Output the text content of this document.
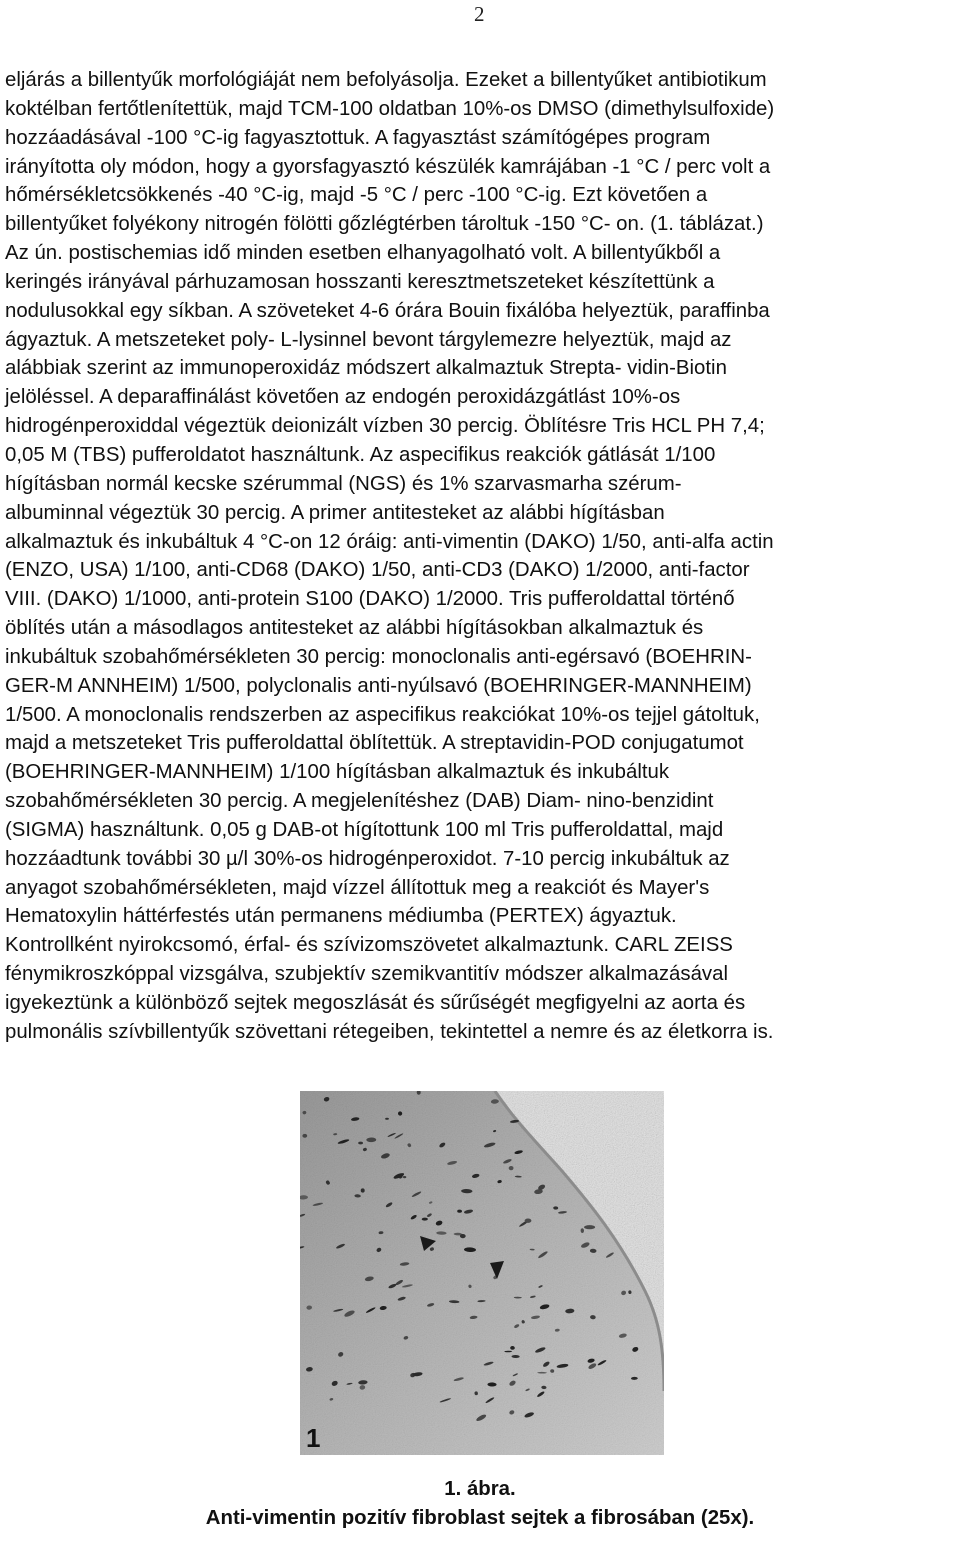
2
eljárás a billentyűk morfológiáját nem befolyásolja. Ezeket a billentyűket antibiotikum
koktélban fertőtlenítettük, majd TCM-100 oldatban 10%-os DMSO (dimethylsulfoxide)
hozzáadásával -100 °C-ig fagyasztottuk. A fagyasztást számítógépes program
irányította oly módon, hogy a gyorsfagyasztó készülék kamrájában -1 °C / perc volt a
hőmérsékletcsökkenés -40 °C-ig, majd -5 °C / perc -100 °C-ig. Ezt követően a
billentyűket folyékony nitrogén fölötti gőzlégtérben tároltuk -150 °C- on. (1. táblázat.)
Az ún. postischemias idő minden esetben elhanyagolható volt. A billentyűkből a
keringés irányával párhuzamosan hosszanti keresztmetszeteket készítettünk a
nodulusokkal egy síkban. A szöveteket 4-6 órára Bouin fixálóba helyeztük, paraffinba
ágyaztuk. A metszeteket poly- L-lysinnel bevont tárgylemezre helyeztük, majd az
alábbiak szerint az immunoperoxidáz módszert alkalmaztuk Strepta- vidin-Biotin
jelöléssel. A deparaffinálást követően az endogén peroxidázgátlást 10%-os
hidrogénperoxiddal végeztük deionizált vízben 30 percig. Öblítésre Tris HCL PH 7,4;
0,05 M (TBS) pufferoldatot használtunk. Az aspecifikus reakciók gátlását 1/100
hígításban normál kecske szérummal (NGS) és 1% szarvasmarha szérum-
albuminnal végeztük 30 percig. A primer antitesteket az alábbi hígításban
alkalmaztuk és inkubáltuk 4 °C-on 12 óráig: anti-vimentin (DAKO) 1/50, anti-alfa actin
(ENZO, USA) 1/100, anti-CD68 (DAKO) 1/50, anti-CD3 (DAKO) 1/2000, anti-factor
VIII. (DAKO) 1/1000, anti-protein S100 (DAKO) 1/2000. Tris pufferoldattal történő
öblítés után a másodlagos antitesteket az alábbi hígításokban alkalmaztuk és
inkubáltuk szobahőmérsékleten 30 percig: monoclonalis anti-egérsavó (BOEHRIN-
GER-M ANNHEIM) 1/500, polyclonalis anti-nyúlsavó (BOEHRINGER-MANNHEIM)
1/500. A monoclonalis rendszerben az aspecifikus reakciókat 10%-os tejjel gátoltuk,
majd a metszeteket Tris pufferoldattal öblítettük. A streptavidin-POD conjugatumot
(BOEHRINGER-MANNHEIM) 1/100 hígításban alkalmaztuk és inkubáltuk
szobahőmérsékleten 30 percig. A megjelenítéshez (DAB) Diam- nino-benzidint
(SIGMA) használtunk. 0,05 g DAB-ot hígítottunk 100 ml Tris pufferoldattal, majd
hozzáadtunk további 30 µ/l 30%-os hidrogénperoxidot. 7-10 percig inkubáltuk az
anyagot szobahőmérsékleten, majd vízzel állítottuk meg a reakciót és Mayer's
Hematoxylin háttérfestés után permanens médiumba (PERTEX) ágyaztuk.
Kontrollként nyirokcsomó, érfal- és szívizomszövetet alkalmaztunk. CARL ZEISS
fénymikroszkóppal vizsgálva, szubjektív szemikvantitív módszer alkalmazásával
igyekeztünk a különböző sejtek megoszlását és sűrűségét megfigyelni az aorta és
pulmonális szívbillentyűk szövettani rétegeiben, tekintettel a nemre és az életkorra is.
1
1. ábra.
Anti-vimentin pozitív fibroblast sejtek a fibrosában (25x).
